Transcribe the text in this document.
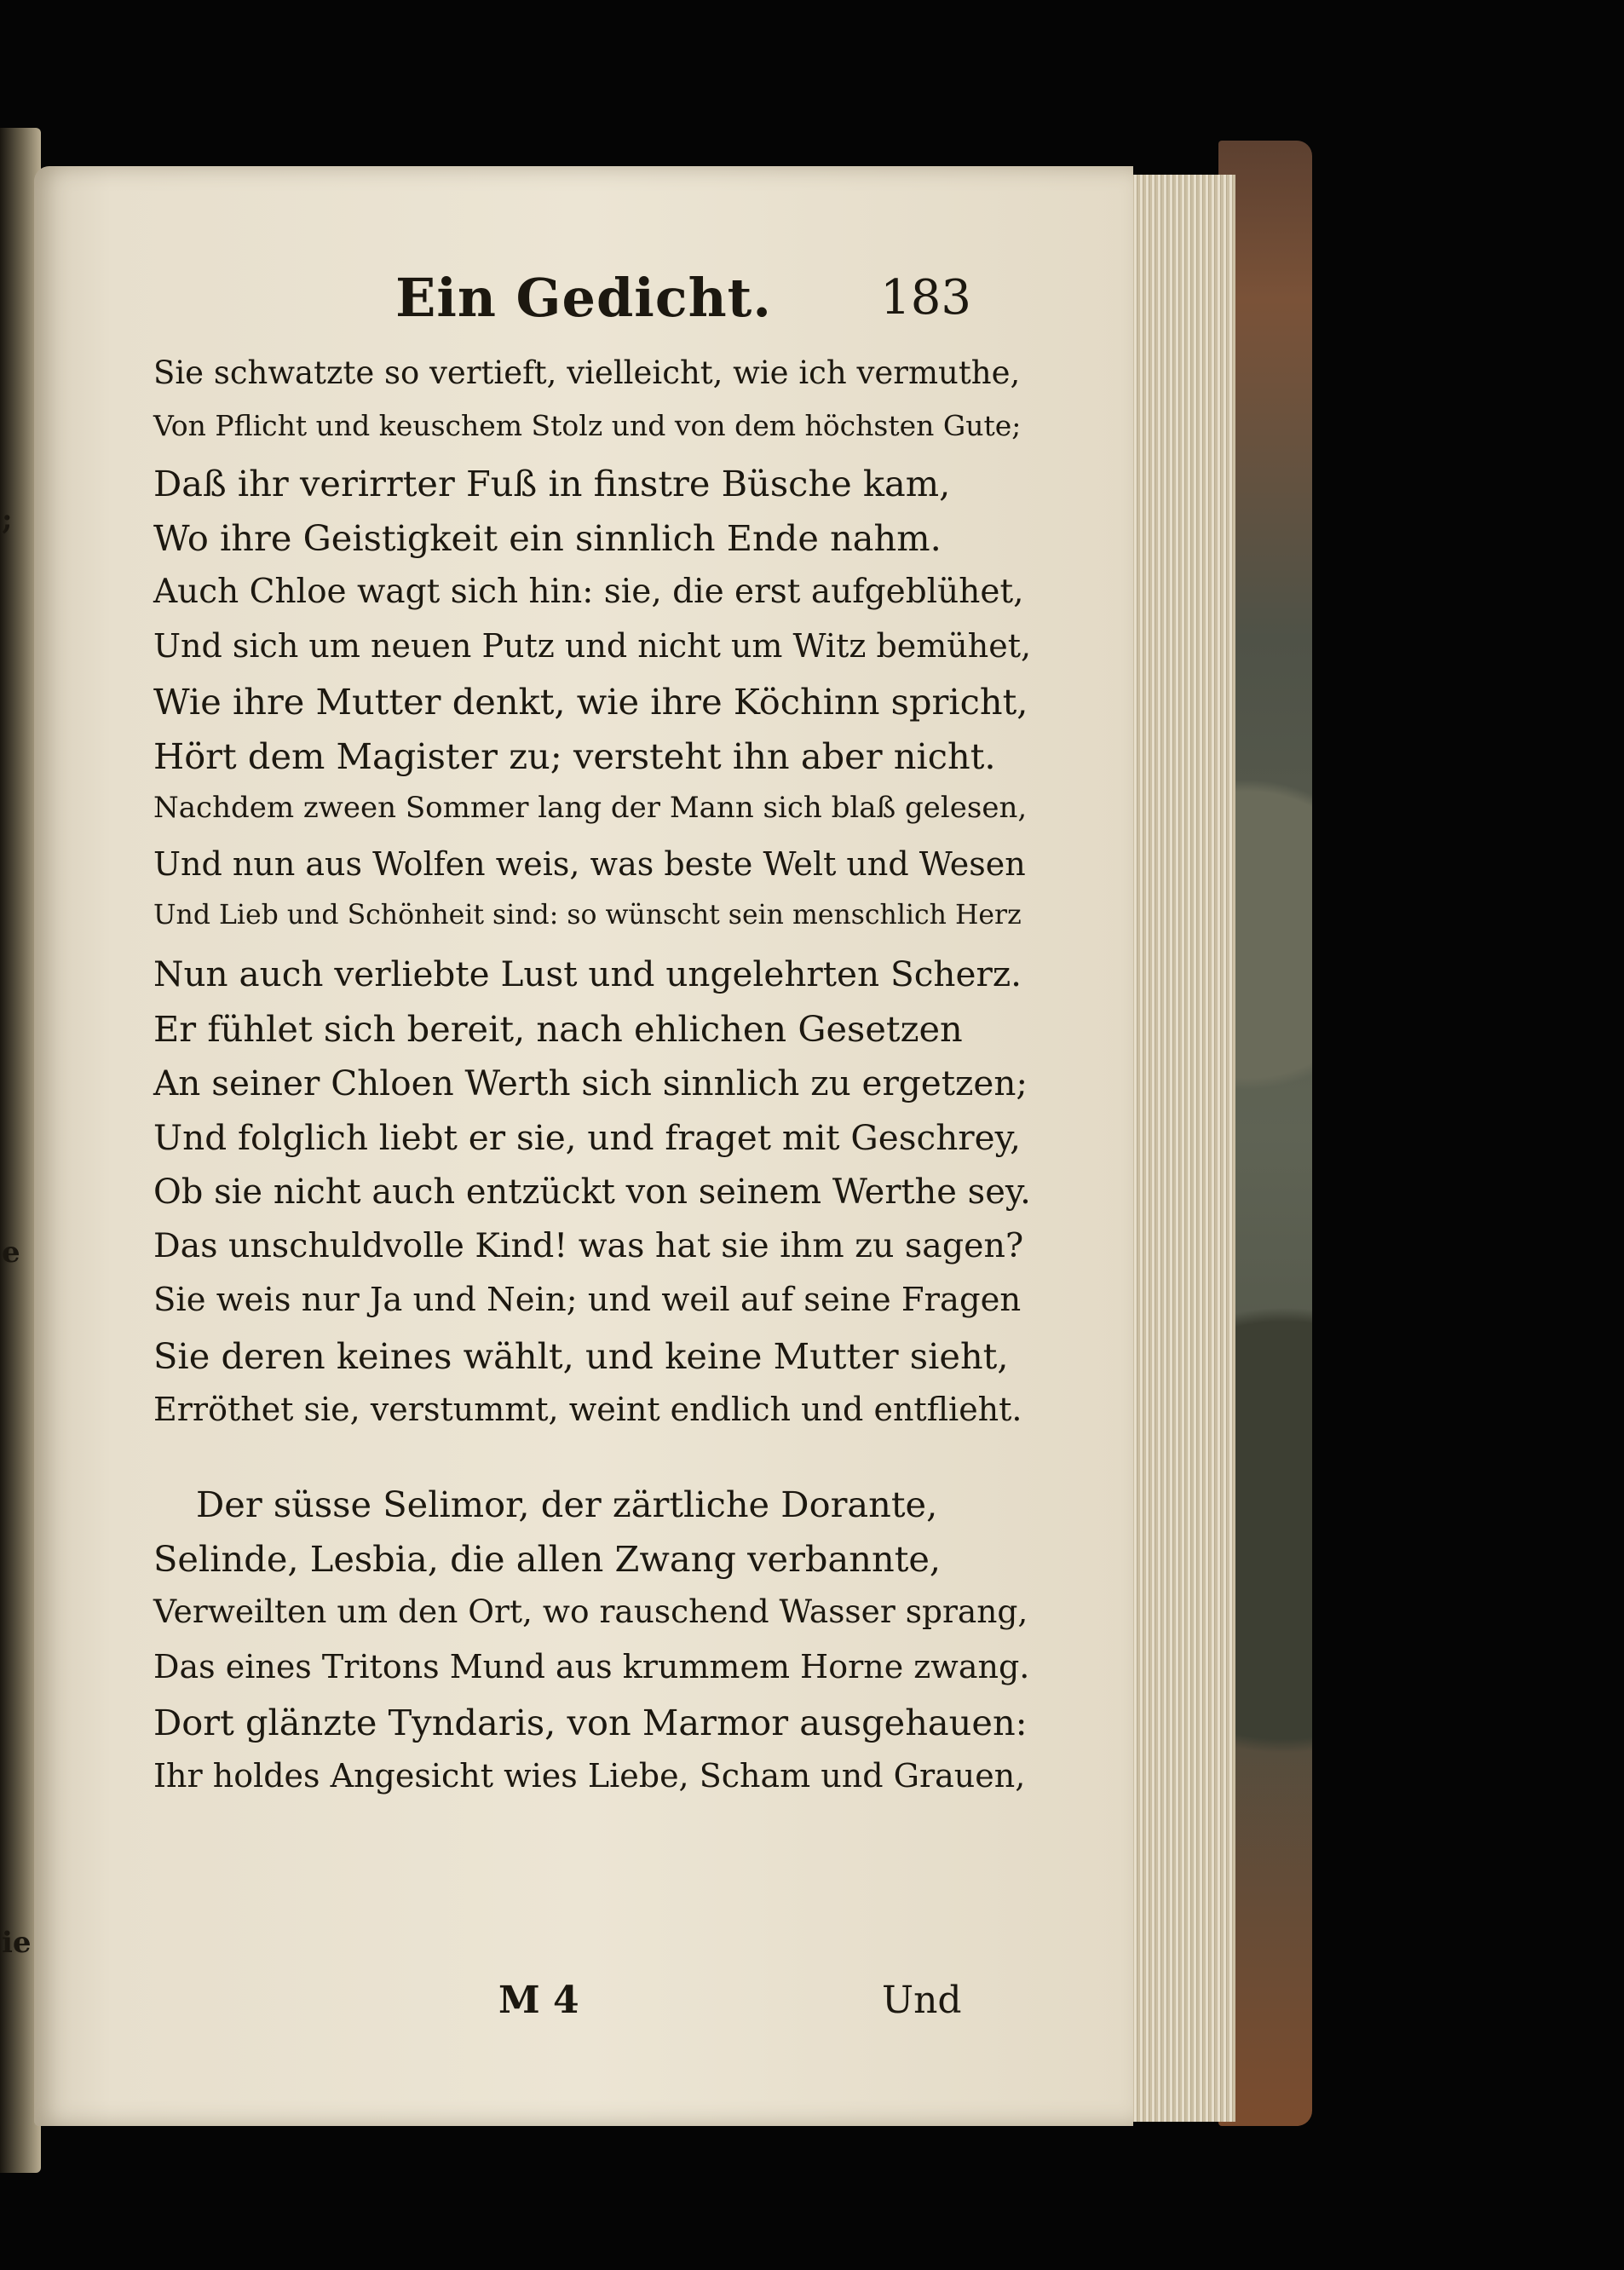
;
e
ie
Ein Gedicht.	183
Sie schwatzte so vertieft, vielleicht, wie ich vermuthe,
Von Pflicht und keuschem Stolz und von dem höchsten Gute;
Daß ihr verirrter Fuß in finstre Büsche kam,
Wo ihre Geistigkeit ein sinnlich Ende nahm.
Auch Chloe wagt sich hin: sie, die erst aufgeblühet,
Und sich um neuen Putz und nicht um Witz bemühet,
Wie ihre Mutter denkt, wie ihre Köchinn spricht,
Hört dem Magister zu; versteht ihn aber nicht.
Nachdem zween Sommer lang der Mann sich blaß gelesen,
Und nun aus Wolfen weis, was beste Welt und Wesen
Und Lieb und Schönheit sind: so wünscht sein menschlich Herz
Nun auch verliebte Lust und ungelehrten Scherz.
Er fühlet sich bereit, nach ehlichen Gesetzen
An seiner Chloen Werth sich sinnlich zu ergetzen;
Und folglich liebt er sie, und fraget mit Geschrey,
Ob sie nicht auch entzückt von seinem Werthe sey.
Das unschuldvolle Kind! was hat sie ihm zu sagen?
Sie weis nur Ja und Nein; und weil auf seine Fragen
Sie deren keines wählt, und keine Mutter sieht,
Erröthet sie, verstummt, weint endlich und entflieht.
Der süsse Selimor, der zärtliche Dorante,
Selinde, Lesbia, die allen Zwang verbannte,
Verweilten um den Ort, wo rauschend Wasser sprang,
Das eines Tritons Mund aus krummem Horne zwang.
Dort glänzte Tyndaris, von Marmor ausgehauen:
Ihr holdes Angesicht wies Liebe, Scham und Grauen,
M 4	Und
